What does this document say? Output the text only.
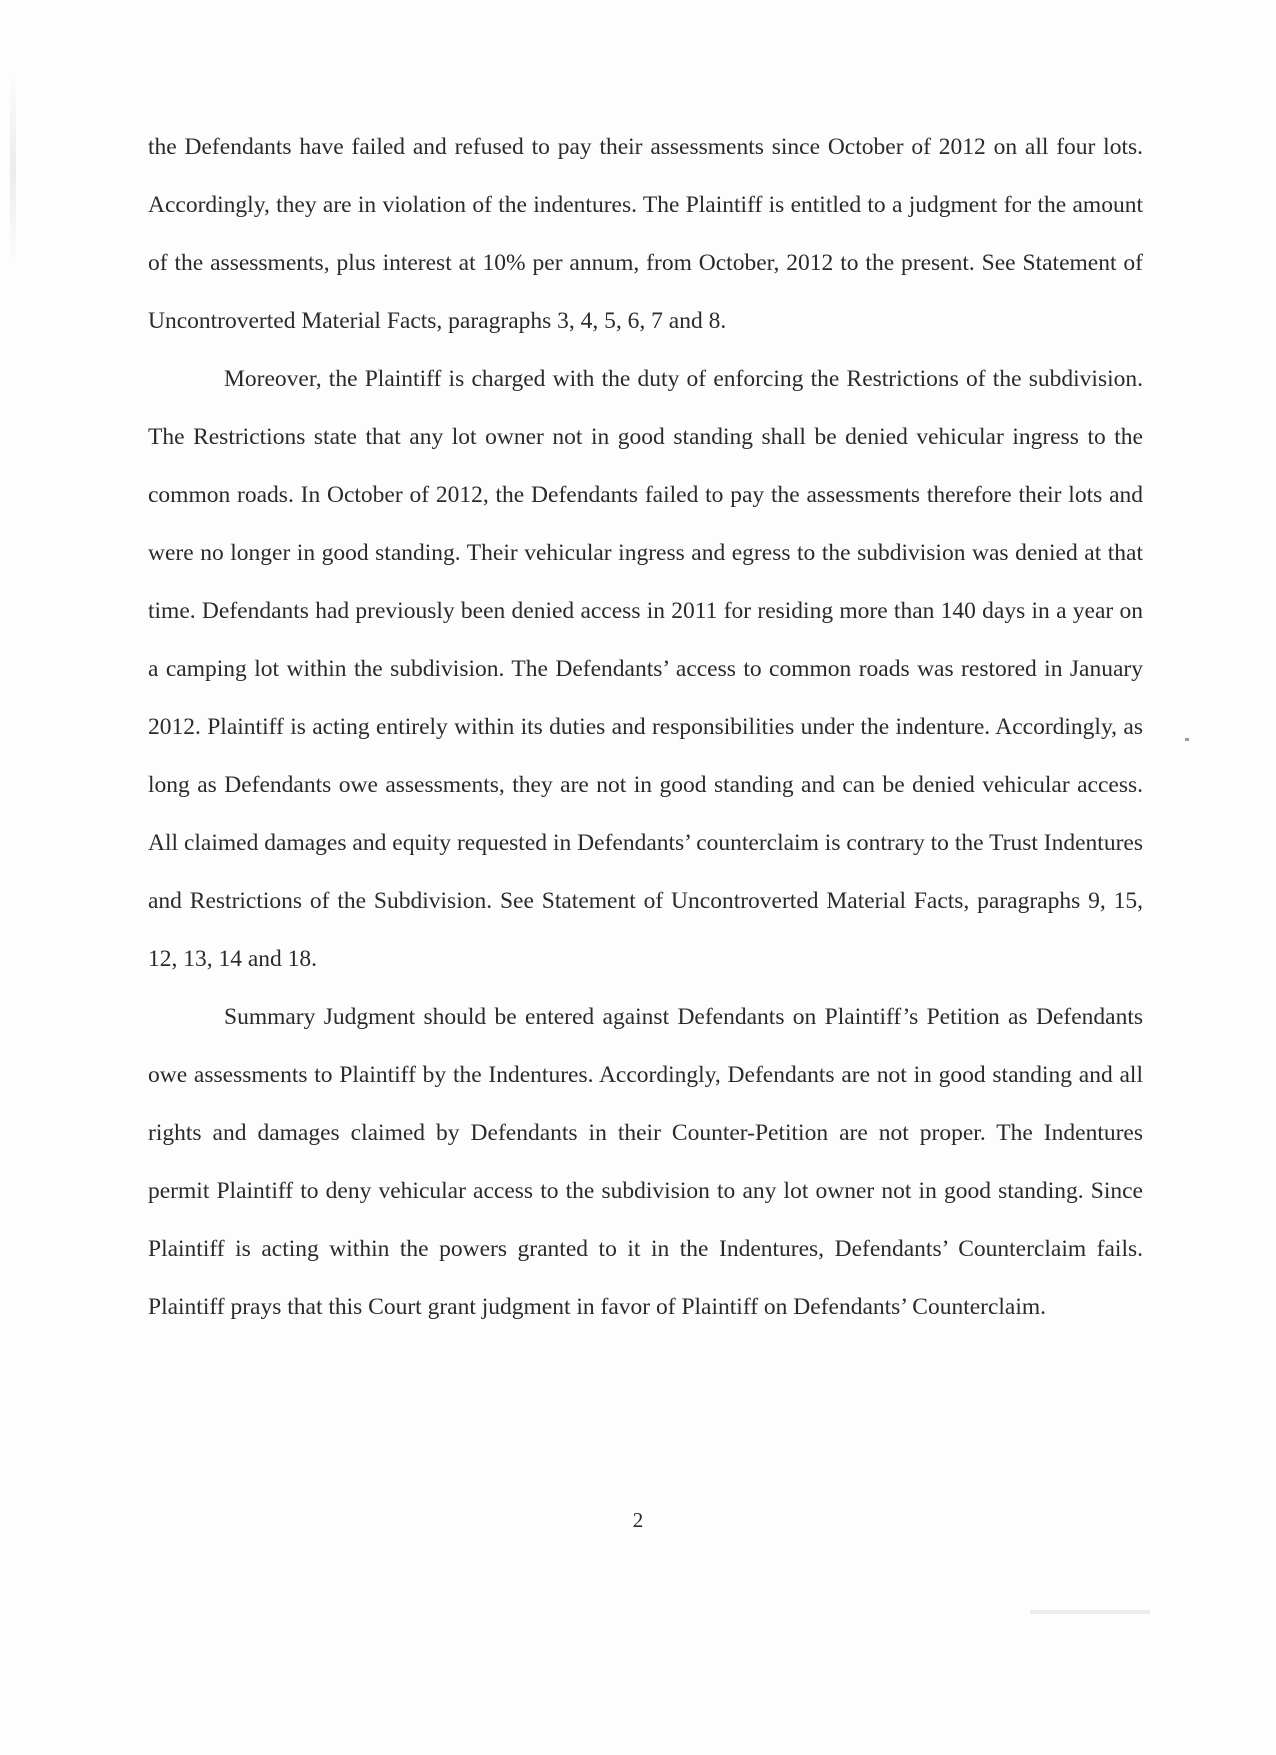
the Defendants have failed and refused to pay their assessments since October of 2012 on all four lots. Accordingly, they are in violation of the indentures. The Plaintiff is entitled to a judgment for the amount of the assessments, plus interest at 10% per annum, from October, 2012 to the present. See Statement of Uncontroverted Material Facts, paragraphs 3, 4, 5, 6, 7 and 8.

Moreover, the Plaintiff is charged with the duty of enforcing the Restrictions of the subdivision. The Restrictions state that any lot owner not in good standing shall be denied vehicular ingress to the common roads. In October of 2012, the Defendants failed to pay the assessments therefore their lots and were no longer in good standing. Their vehicular ingress and egress to the subdivision was denied at that time. Defendants had previously been denied access in 2011 for residing more than 140 days in a year on a camping lot within the subdivision. The Defendants’ access to common roads was restored in January 2012. Plaintiff is acting entirely within its duties and responsibilities under the indenture. Accordingly, as long as Defendants owe assessments, they are not in good standing and can be denied vehicular access. All claimed damages and equity requested in Defendants’ counterclaim is contrary to the Trust Indentures and Restrictions of the Subdivision. See Statement of Uncontroverted Material Facts, paragraphs 9, 15, 12, 13, 14 and 18.

Summary Judgment should be entered against Defendants on Plaintiff’s Petition as Defendants owe assessments to Plaintiff by the Indentures. Accordingly, Defendants are not in good standing and all rights and damages claimed by Defendants in their Counter-Petition are not proper. The Indentures permit Plaintiff to deny vehicular access to the subdivision to any lot owner not in good standing. Since Plaintiff is acting within the powers granted to it in the Indentures, Defendants’ Counterclaim fails. Plaintiff prays that this Court grant judgment in favor of Plaintiff on Defendants’ Counterclaim.

2
